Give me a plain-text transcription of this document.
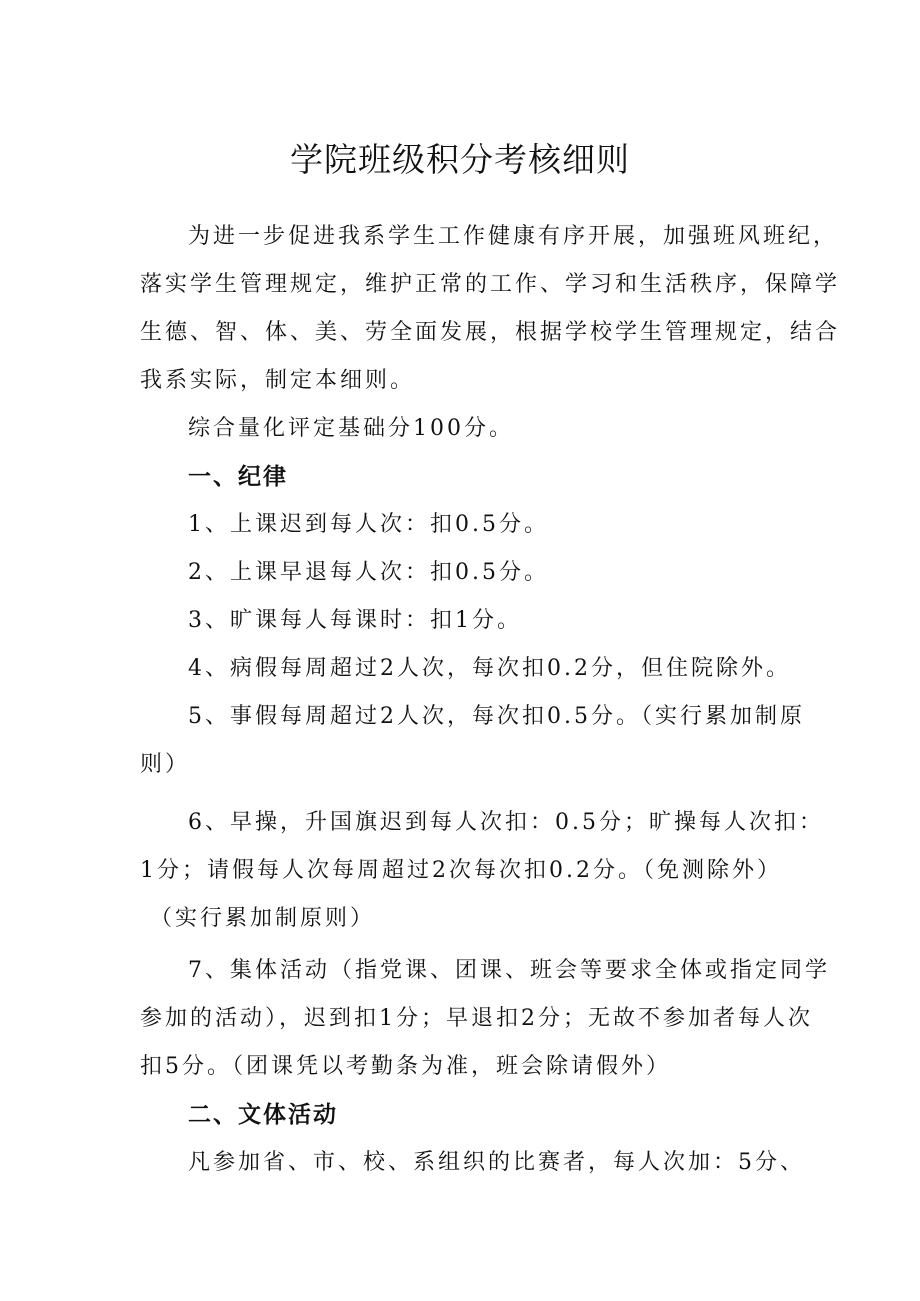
学院班级积分考核细则

为进一步促进我系学生工作健康有序开展，加强班风班纪，

落实学生管理规定，维护正常的工作、学习和生活秩序，保障学

生德、智、体、美、劳全面发展，根据学校学生管理规定，结合

我系实际，制定本细则。

综合量化评定基础分100分。

一、纪律

1、上课迟到每人次：扣0.5分。

2、上课早退每人次：扣0.5分。

3、旷课每人每课时：扣1分。

4、病假每周超过2人次，每次扣0.2分，但住院除外。

5、事假每周超过2人次，每次扣0.5分。（实行累加制原

则）

6、早操，升国旗迟到每人次扣：0.5分；旷操每人次扣：

1分；请假每人次每周超过2次每次扣0.2分。（免测除外）

（实行累加制原则）

7、集体活动（指党课、团课、班会等要求全体或指定同学

参加的活动），迟到扣1分；早退扣2分；无故不参加者每人次

扣5分。（团课凭以考勤条为准，班会除请假外）

二、文体活动

凡参加省、市、校、系组织的比赛者，每人次加：5分、
